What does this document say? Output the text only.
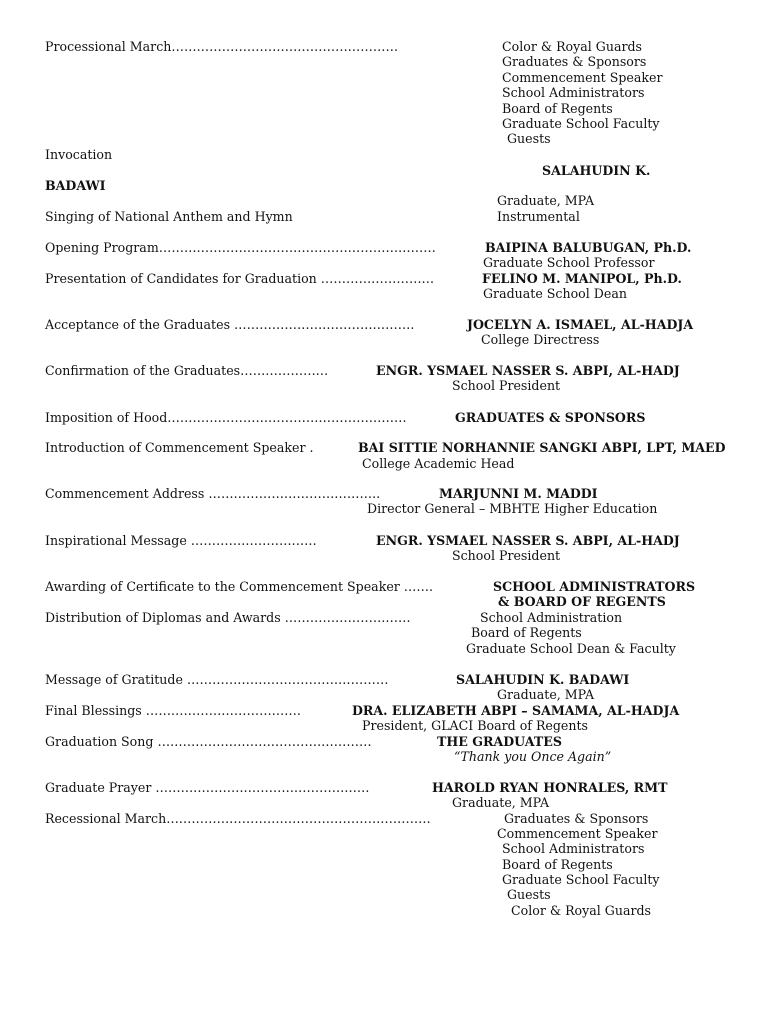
Processional March………………………………………………	Color & Royal Guards
Graduates & Sponsors
Commencement Speaker
School Administrators
Board of Regents
Graduate School Faculty
Guests
Invocation
SALAHUDIN K.
BADAWI
Graduate, MPA
Singing of National Anthem and Hymn	Instrumental
Opening Program…………………………………………………………	BAIPINA BALUBUGAN, Ph.D.
Graduate School Professor
Presentation of Candidates for Graduation ………………………	FELINO M. MANIPOL, Ph.D.
Graduate School Dean
Acceptance of the Graduates …………………………………….	JOCELYN A. ISMAEL, AL-HADJA
College Directress
Confirmation of the Graduates…………………	ENGR. YSMAEL NASSER S. ABPI, AL-HADJ
School President
Imposition of Hood…………………………………………………	GRADUATES & SPONSORS
Introduction of Commencement Speaker .	BAI SITTIE NORHANNIE SANGKI ABPI, LPT, MAED
College Academic Head
Commencement Address …………………………………..	MARJUNNI M. MADDI
Director General – MBHTE Higher Education
Inspirational Message …………………………	ENGR. YSMAEL NASSER S. ABPI, AL-HADJ
School President
Awarding of Certificate to the Commencement Speaker …….	SCHOOL ADMINISTRATORS
& BOARD OF REGENTS
Distribution of Diplomas and Awards …………………………	School Administration
Board of Regents
Graduate School Dean & Faculty
Message of Gratitude …………………………………………	SALAHUDIN K. BADAWI
Graduate, MPA
Final Blessings ……………………………….	DRA. ELIZABETH ABPI – SAMAMA, AL-HADJA
President, GLACI Board of Regents
Graduation Song ……………………………………………	THE GRADUATES
“Thank you Once Again”
Graduate Prayer ……………………………………………	HAROLD RYAN HONRALES, RMT
Graduate, MPA
Recessional March………………………………………………………	Graduates & Sponsors
Commencement Speaker
School Administrators
Board of Regents
Graduate School Faculty
Guests
Color & Royal Guards
